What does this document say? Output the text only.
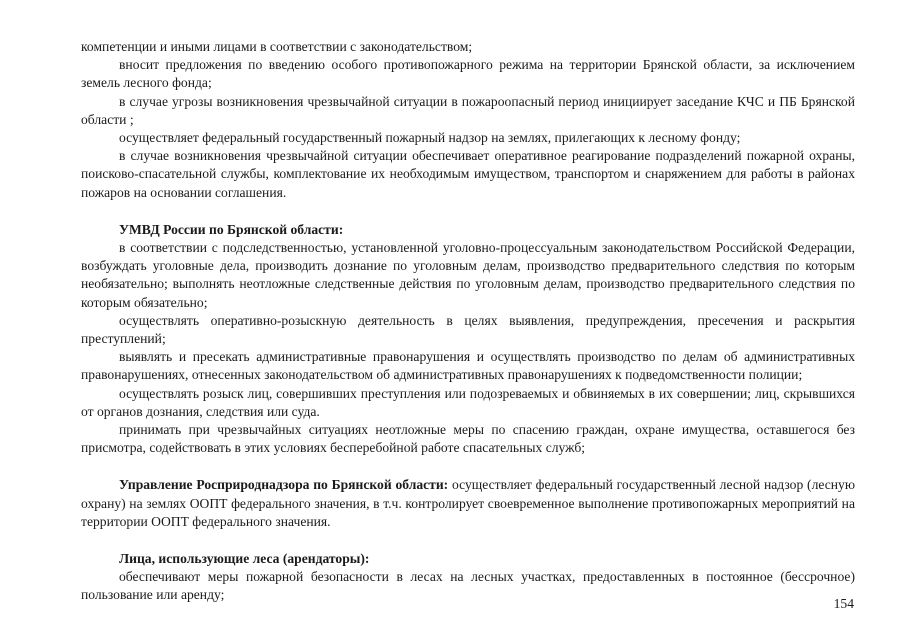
компетенции и иными лицами в соответствии с законодательством;

вносит предложения по введению особого противопожарного режима на территории Брянской области, за исключением земель лесного фонда;

в случае угрозы возникновения чрезвычайной ситуации в пожароопасный период инициирует заседание КЧС и ПБ Брянской области ;

осуществляет федеральный государственный пожарный надзор на землях, прилегающих к лесному фонду;

в случае возникновения чрезвычайной ситуации обеспечивает оперативное реагирование подразделений пожарной охраны, поисково-спасательной службы, комплектование их необходимым имуществом, транспортом и снаряжением для работы в районах пожаров на основании соглашения.

УМВД России по Брянской области:

в соответствии с подследственностью, установленной уголовно-процессуальным законодательством Российской Федерации, возбуждать уголовные дела, производить дознание по уголовным делам, производство предварительного следствия по которым необязательно; выполнять неотложные следственные действия по уголовным делам, производство предварительного следствия по которым обязательно;

осуществлять оперативно-розыскную деятельность в целях выявления, предупреждения, пресечения и раскрытия преступлений;

выявлять и пресекать административные правонарушения и осуществлять производство по делам об административных правонарушениях, отнесенных законодательством об административных правонарушениях к подведомственности полиции;

осуществлять розыск лиц, совершивших преступления или подозреваемых и обвиняемых в их совершении; лиц, скрывшихся от органов дознания, следствия или суда.

принимать при чрезвычайных ситуациях неотложные меры по спасению граждан, охране имущества, оставшегося без присмотра, содействовать в этих условиях бесперебойной работе спасательных служб;

Управление Росприроднадзора по Брянской области: осуществляет федеральный государственный лесной надзор (лесную охрану) на землях ООПТ федерального значения, в т.ч. контролирует своевременное выполнение противопожарных мероприятий на территории ООПТ федерального значения.

Лица, использующие леса (арендаторы):

обеспечивают меры пожарной безопасности в лесах на лесных участках, предоставленных в постоянное (бессрочное) пользование или аренду;

154
